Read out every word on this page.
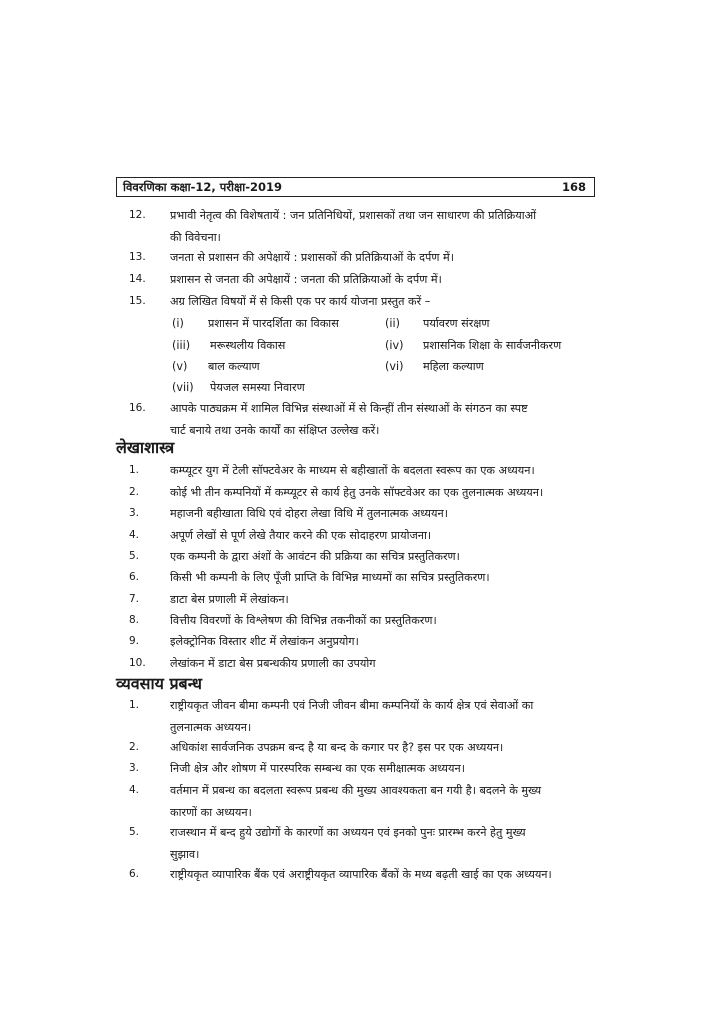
विवरणिका कक्षा-12, परीक्षा-2019	168
12. प्रभावी नेतृत्व की विशेषतायें : जन प्रतिनिधियों, प्रशासकों तथा जन साधारण की प्रतिक्रियाओं
की विवेचना।
13. जनता से प्रशासन की अपेक्षायें : प्रशासकों की प्रतिक्रियाओं के दर्पण में।
14. प्रशासन से जनता की अपेक्षायें : जनता की प्रतिक्रियाओं के दर्पण में।
15. अग्र लिखित विषयों में से किसी एक पर कार्य योजना प्रस्तुत करें –
(i) प्रशासन में पारदर्शिता का विकास	(ii) पर्यावरण संरक्षण
(iii) मरूस्थलीय विकास	(iv) प्रशासनिक शिक्षा के सार्वजनीकरण
(v) बाल कल्याण	(vi) महिला कल्याण
(vii) पेयजल समस्या निवारण
16. आपके पाठ्यक्रम में शामिल विभिन्न संस्थाओं में से किन्हीं तीन संस्थाओं के संगठन का स्पष्ट
चार्ट बनाये तथा उनके कार्यों का संक्षिप्त उल्लेख करें।
लेखाशास्त्र
1.	कम्प्यूटर युग में टेली सॉफ्टवेअर के माध्यम से बहीखातों के बदलता स्वरूप का एक अध्ययन।
2.	कोई भी तीन कम्पनियों में कम्प्यूटर से कार्य हेतु उनके सॉफ्टवेअर का एक तुलनात्मक अध्ययन।
3.	महाजनी बहीखाता विधि एवं दोहरा लेखा विधि में तुलनात्मक अध्ययन।
4.	अपूर्ण लेखों से पूर्ण लेखे तैयार करने की एक सोदाहरण प्रायोजना।
5.	एक कम्पनी के द्वारा अंशों के आवंटन की प्रक्रिया का सचित्र प्रस्तुतिकरण।
6.	किसी भी कम्पनी के लिए पूँजी प्राप्ति के विभिन्न माध्यमों का सचित्र प्रस्तुतिकरण।
7.	डाटा बेस प्रणाली में लेखांकन।
8.	वित्तीय विवरणों के विश्लेषण की विभिन्न तकनीकों का प्रस्तुतिकरण।
9.	इलेक्ट्रोनिक विस्तार शीट में लेखांकन अनुप्रयोग।
10. लेखांकन में डाटा बेस प्रबन्धकीय प्रणाली का उपयोग
व्यवसाय प्रबन्ध
1.	राष्ट्रीयकृत जीवन बीमा कम्पनी एवं निजी जीवन बीमा कम्पनियों के कार्य क्षेत्र एवं सेवाओं का
तुलनात्मक अध्ययन।
2.	अधिकांश सार्वजनिक उपक्रम बन्द है या बन्द के कगार पर है? इस पर एक अध्ययन।
3.	निजी क्षेत्र और शोषण में पारस्परिक सम्बन्ध का एक समीक्षात्मक अध्ययन।
4.	वर्तमान में प्रबन्ध का बदलता स्वरूप प्रबन्ध की मुख्य आवश्यकता बन गयी है। बदलने के मुख्य
कारणों का अध्ययन।
5.	राजस्थान में बन्द हुये उद्योगों के कारणों का अध्ययन एवं इनको पुनः प्रारम्भ करने हेतु मुख्य
सुझाव।
6.	राष्ट्रीयकृत व्यापारिक बैंक एवं अराष्ट्रीयकृत व्यापारिक बैंकों के मध्य बढ़ती खाई का एक अध्ययन।
